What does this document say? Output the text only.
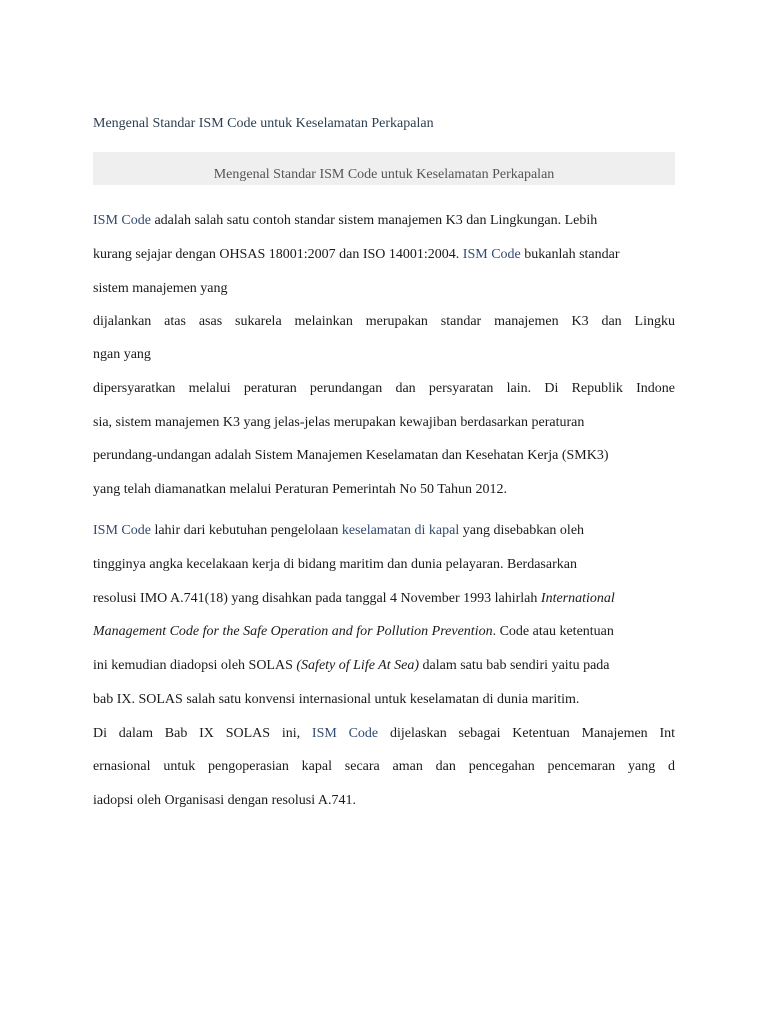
Mengenal Standar ISM Code untuk Keselamatan Perkapalan
Mengenal Standar ISM Code untuk Keselamatan Perkapalan
ISM Code adalah salah satu contoh standar sistem manajemen K3 dan Lingkungan. Lebih
kurang sejajar dengan OHSAS 18001:2007 dan ISO 14001:2004. ISM Code bukanlah standar
sistem manajemen yang
dijalankan atas asas sukarela melainkan merupakan standar manajemen K3 dan Lingku
ngan yang
dipersyaratkan melalui peraturan perundangan dan persyaratan lain. Di Republik Indone
sia, sistem manajemen K3 yang jelas-jelas merupakan kewajiban berdasarkan peraturan
perundang-undangan adalah Sistem Manajemen Keselamatan dan Kesehatan Kerja (SMK3)
yang telah diamanatkan melalui Peraturan Pemerintah No 50 Tahun 2012.
ISM Code lahir dari kebutuhan pengelolaan keselamatan di kapal yang disebabkan oleh
tingginya angka kecelakaan kerja di bidang maritim dan dunia pelayaran. Berdasarkan
resolusi IMO A.741(18) yang disahkan pada tanggal 4 November 1993 lahirlah International
Management Code for the Safe Operation and for Pollution Prevention. Code atau ketentuan
ini kemudian diadopsi oleh SOLAS (Safety of Life At Sea) dalam satu bab sendiri yaitu pada
bab IX. SOLAS salah satu konvensi internasional untuk keselamatan di dunia maritim.
Di dalam Bab IX SOLAS ini, ISM Code dijelaskan sebagai Ketentuan Manajemen Int
ernasional untuk pengoperasian kapal secara aman dan pencegahan pencemaran yang d
iadopsi oleh Organisasi dengan resolusi A.741.
